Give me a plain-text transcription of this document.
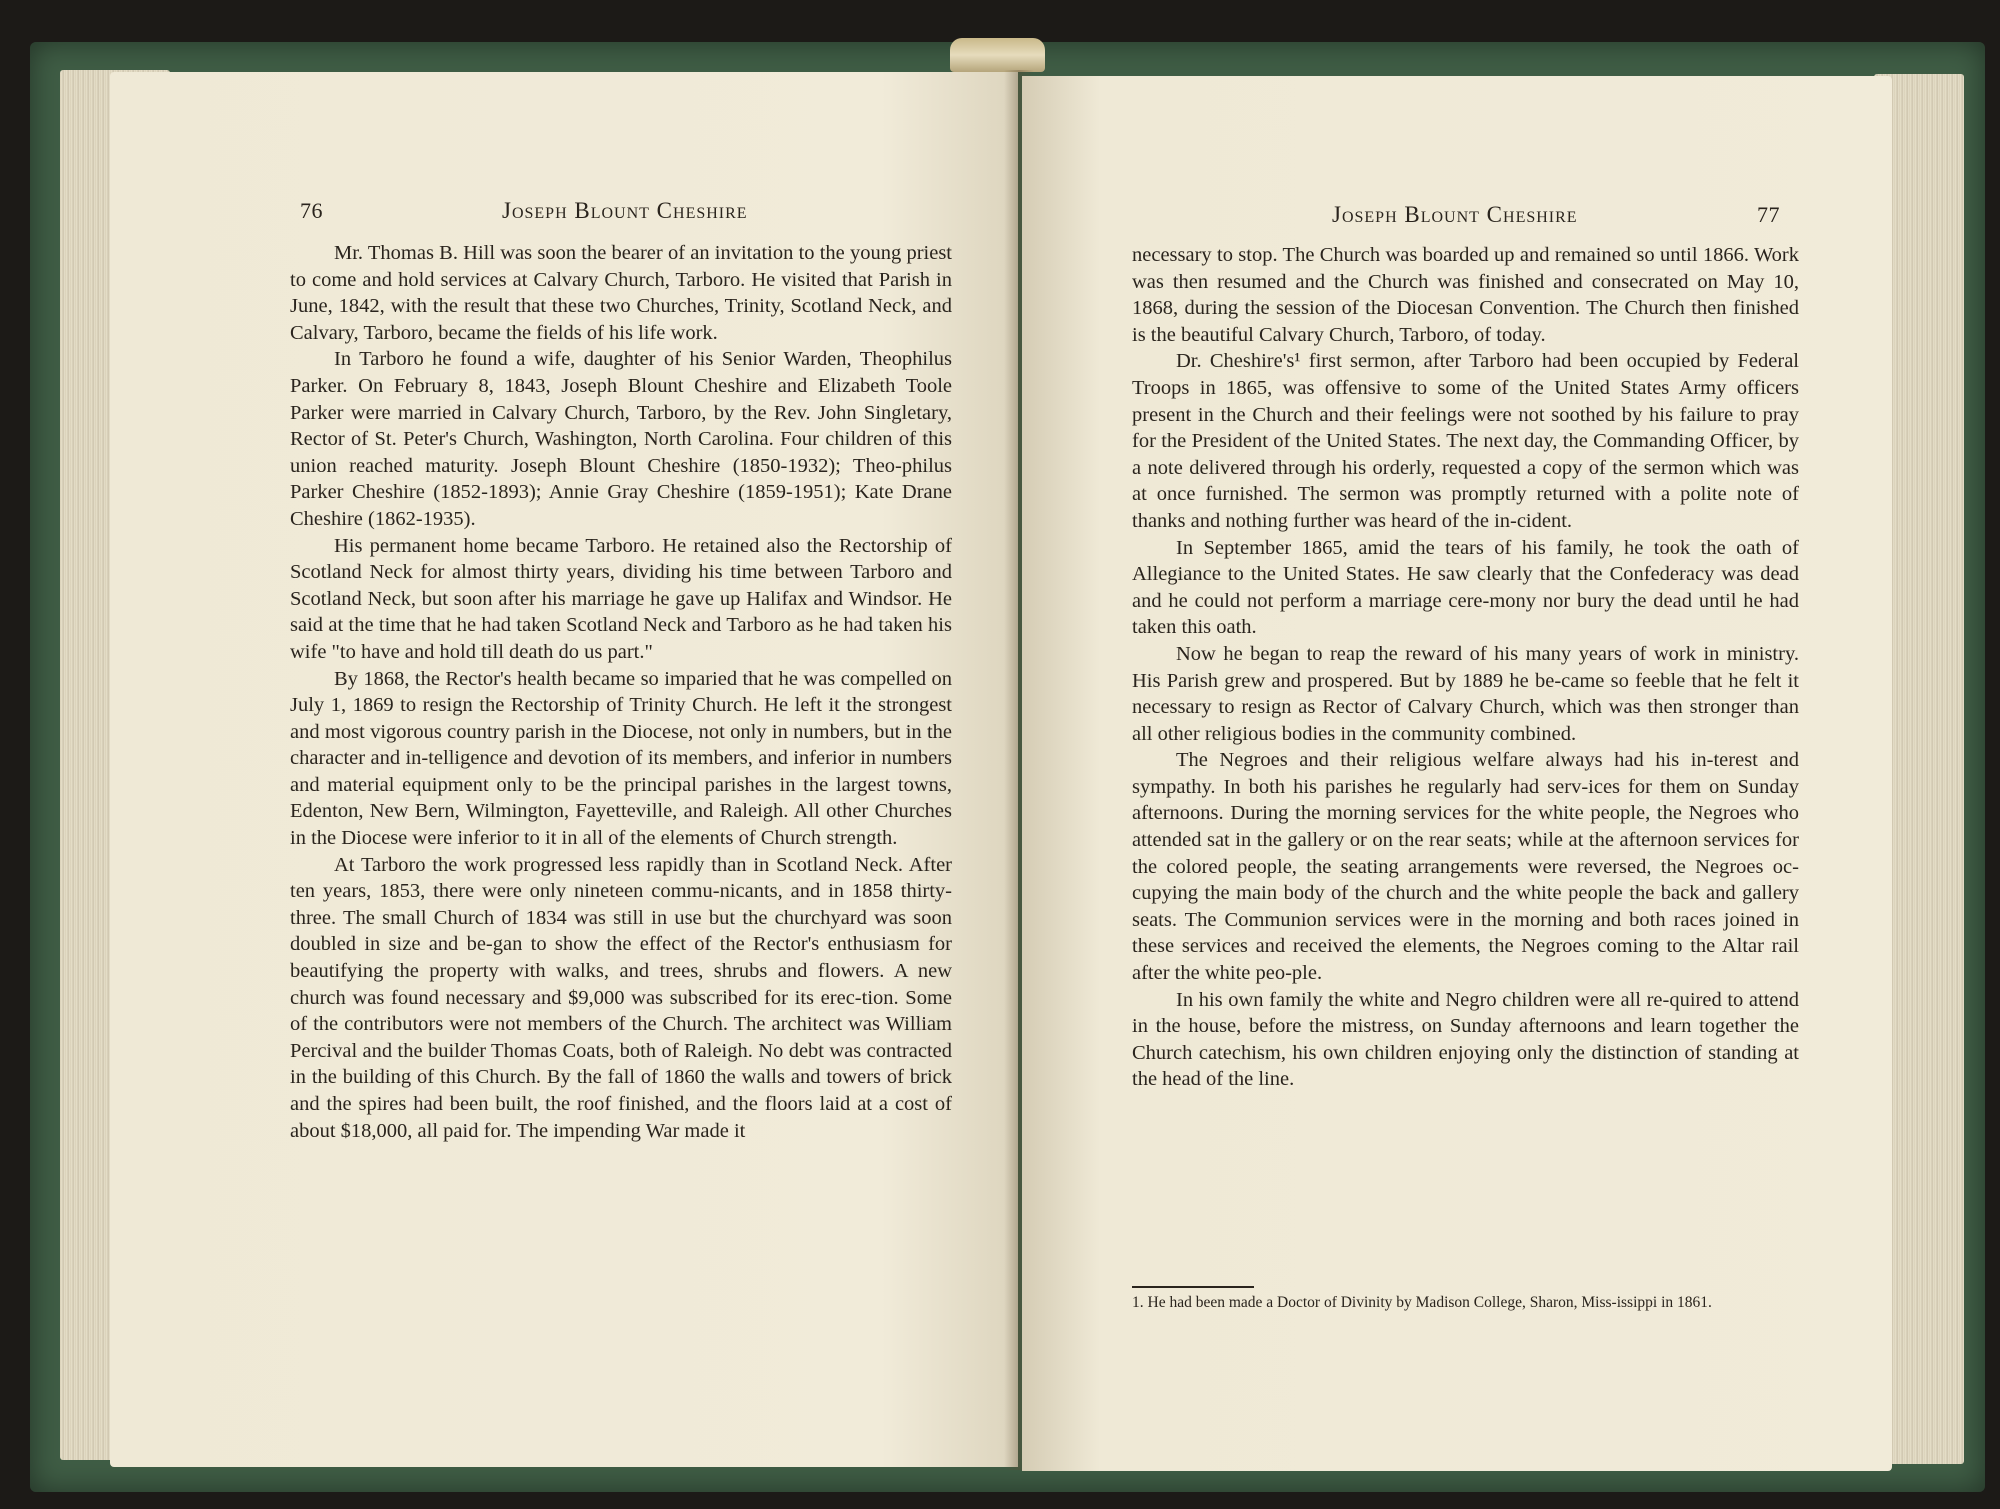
76	Joseph Blount Cheshire

Mr. Thomas B. Hill was soon the bearer of an invitation to the young priest to come and hold services at Calvary Church, Tarboro. He visited that Parish in June, 1842, with the result that these two Churches, Trinity, Scotland Neck, and Calvary, Tarboro, became the fields of his life work.

In Tarboro he found a wife, daughter of his Senior Warden, Theophilus Parker. On February 8, 1843, Joseph Blount Cheshire and Elizabeth Toole Parker were married in Calvary Church, Tarboro, by the Rev. John Singletary, Rector of St. Peter's Church, Washington, North Carolina. Four children of this union reached maturity. Joseph Blount Cheshire (1850-1932); Theo-philus Parker Cheshire (1852-1893); Annie Gray Cheshire (1859-1951); Kate Drane Cheshire (1862-1935).

His permanent home became Tarboro. He retained also the Rectorship of Scotland Neck for almost thirty years, dividing his time between Tarboro and Scotland Neck, but soon after his marriage he gave up Halifax and Windsor. He said at the time that he had taken Scotland Neck and Tarboro as he had taken his wife "to have and hold till death do us part."

By 1868, the Rector's health became so imparied that he was compelled on July 1, 1869 to resign the Rectorship of Trinity Church. He left it the strongest and most vigorous country parish in the Diocese, not only in numbers, but in the character and in-telligence and devotion of its members, and inferior in numbers and material equipment only to be the principal parishes in the largest towns, Edenton, New Bern, Wilmington, Fayetteville, and Raleigh. All other Churches in the Diocese were inferior to it in all of the elements of Church strength.

At Tarboro the work progressed less rapidly than in Scotland Neck. After ten years, 1853, there were only nineteen commu-nicants, and in 1858 thirty-three. The small Church of 1834 was still in use but the churchyard was soon doubled in size and be-gan to show the effect of the Rector's enthusiasm for beautifying the property with walks, and trees, shrubs and flowers. A new church was found necessary and $9,000 was subscribed for its erec-tion. Some of the contributors were not members of the Church. The architect was William Percival and the builder Thomas Coats, both of Raleigh. No debt was contracted in the building of this Church. By the fall of 1860 the walls and towers of brick and the spires had been built, the roof finished, and the floors laid at a cost of about $18,000, all paid for. The impending War made it

Joseph Blount Cheshire	77

necessary to stop. The Church was boarded up and remained so until 1866. Work was then resumed and the Church was finished and consecrated on May 10, 1868, during the session of the Diocesan Convention. The Church then finished is the beautiful Calvary Church, Tarboro, of today.

Dr. Cheshire's¹ first sermon, after Tarboro had been occupied by Federal Troops in 1865, was offensive to some of the United States Army officers present in the Church and their feelings were not soothed by his failure to pray for the President of the United States. The next day, the Commanding Officer, by a note delivered through his orderly, requested a copy of the sermon which was at once furnished. The sermon was promptly returned with a polite note of thanks and nothing further was heard of the in-cident.

In September 1865, amid the tears of his family, he took the oath of Allegiance to the United States. He saw clearly that the Confederacy was dead and he could not perform a marriage cere-mony nor bury the dead until he had taken this oath.

Now he began to reap the reward of his many years of work in ministry. His Parish grew and prospered. But by 1889 he be-came so feeble that he felt it necessary to resign as Rector of Calvary Church, which was then stronger than all other religious bodies in the community combined.

The Negroes and their religious welfare always had his in-terest and sympathy. In both his parishes he regularly had serv-ices for them on Sunday afternoons. During the morning services for the white people, the Negroes who attended sat in the gallery or on the rear seats; while at the afternoon services for the colored people, the seating arrangements were reversed, the Negroes oc-cupying the main body of the church and the white people the back and gallery seats. The Communion services were in the morning and both races joined in these services and received the elements, the Negroes coming to the Altar rail after the white peo-ple.

In his own family the white and Negro children were all re-quired to attend in the house, before the mistress, on Sunday afternoons and learn together the Church catechism, his own children enjoying only the distinction of standing at the head of the line.

1. He had been made a Doctor of Divinity by Madison College, Sharon, Miss-issippi in 1861.
